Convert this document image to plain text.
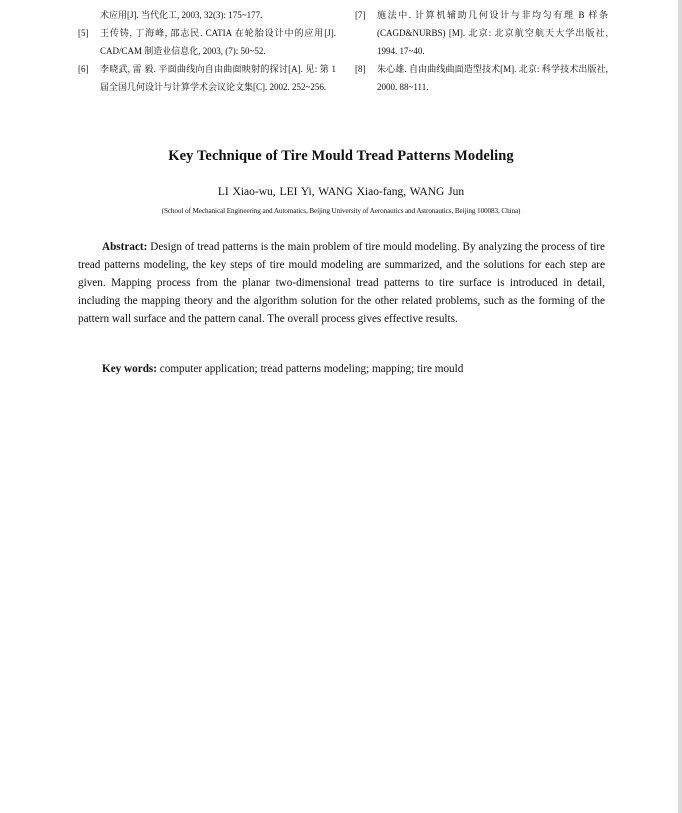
术应用[J]. 当代化工, 2003, 32(3): 175~177.
[5] 王传铸, 丁海峰, 邵志民. CATIA 在轮胎设计中的应用[J]. CAD/CAM 制造业信息化, 2003, (7): 50~52.
[6] 李晓武, 雷 毅. 平面曲线向自由曲面映射的探讨[A]. 见: 第 1 届全国几何设计与计算学术会议论文集[C]. 2002. 252~256.
[7] 施法中. 计算机辅助几何设计与非均匀有理 B 样条(CAGD&NURBS) [M]. 北京: 北京航空航天大学出版社, 1994. 17~40.
[8] 朱心雄. 自由曲线曲面造型技术[M]. 北京: 科学技术出版社, 2000. 88~111.
Key Technique of Tire Mould Tread Patterns Modeling
LI Xiao-wu, LEI Yi, WANG Xiao-fang, WANG Jun
(School of Mechanical Engineering and Automatics, Beijing University of Aeronautics and Astronautics, Beijing 100083, China)
Abstract: Design of tread patterns is the main problem of tire mould modeling. By analyzing the process of tire tread patterns modeling, the key steps of tire mould modeling are summarized, and the solutions for each step are given. Mapping process from the planar two-dimensional tread patterns to tire surface is introduced in detail, including the mapping theory and the algorithm solution for the other related problems, such as the forming of the pattern wall surface and the pattern canal. The overall process gives effective results.
Key words: computer application; tread patterns modeling; mapping; tire mould
